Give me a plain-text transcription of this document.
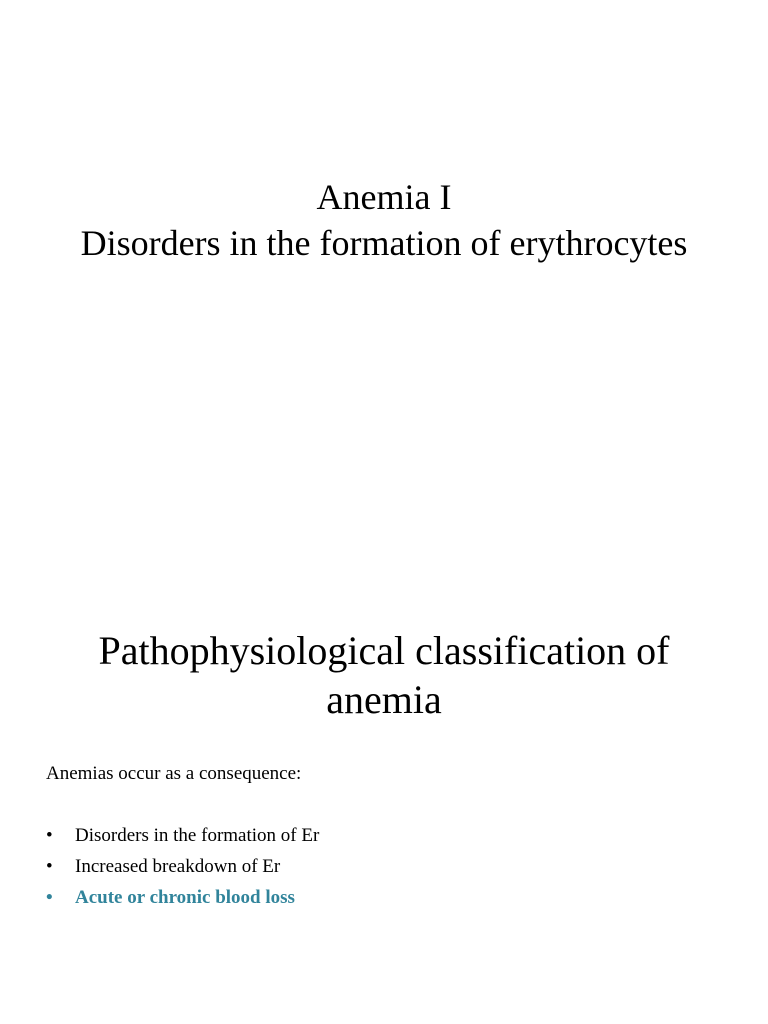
Anemia I
Disorders in the formation of erythrocytes
Pathophysiological classification of
anemia
Anemias occur as a consequence:
• Disorders in the formation of Er
• Increased breakdown of Er
• Acute or chronic blood loss
